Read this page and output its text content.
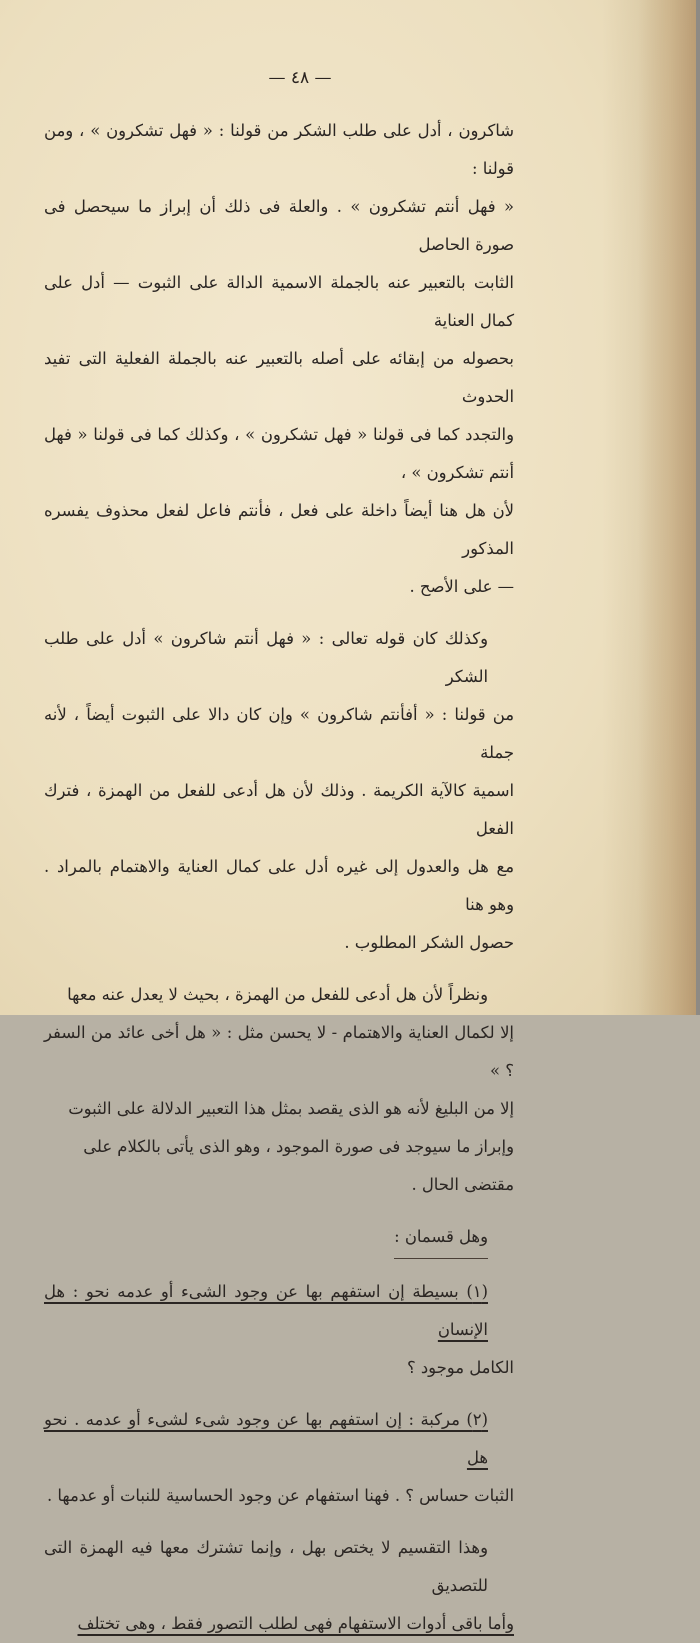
— ٤٨ —
شاكرون ، أدل على طلب الشكر من قولنا : « فهل تشكرون » ، ومن قولنا :
« فهل أنتم تشكرون » . والعلة فى ذلك أن إبراز ما سيحصل فى صورة الحاصل
الثابت بالتعبير عنه بالجملة الاسمية الدالة على الثبوت — أدل على كمال العناية
بحصوله من إبقائه على أصله بالتعبير عنه بالجملة الفعلية التى تفيد الحدوث
والتجدد كما فى قولنا « فهل تشكرون » ، وكذلك كما فى قولنا « فهل أنتم تشكرون » ،
لأن هل هنا أيضاً داخلة على فعل ، فأنتم فاعل لفعل محذوف يفسره المذكور
— على الأصح .
وكذلك كان قوله تعالى : « فهل أنتم شاكرون » أدل على طلب الشكر
من قولنا : « أفأنتم شاكرون » وإن كان دالا على الثبوت أيضاً ، لأنه جملة
اسمية كالآية الكريمة . وذلك لأن هل أدعى للفعل من الهمزة ، فترك الفعل
مع هل والعدول إلى غيره أدل على كمال العناية والاهتمام بالمراد . وهو هنا
حصول الشكر المطلوب .
ونظراً لأن هل أدعى للفعل من الهمزة ، بحيث لا يعدل عنه معها
إلا لكمال العناية والاهتمام - لا يحسن مثل : « هل أخى عائد من السفر ؟ »
إلا من البليغ لأنه هو الذى يقصد بمثل هذا التعبير الدلالة على الثبوت
وإبراز ما سيوجد فى صورة الموجود ، وهو الذى يأتى بالكلام على
مقتضى الحال .
وهل قسمان :
(١) بسيطة إن استفهم بها عن وجود الشىء أو عدمه نحو : هل الإنسان
الكامل موجود ؟
(٢) مركبة : إن استفهم بها عن وجود شىء لشىء أو عدمه . نحو هل
الثبات حساس ؟ . فهنا استفهام عن وجود الحساسية للنبات أو عدمها .
وهذا التقسيم لا يختص بهل ، وإنما تشترك معها فيه الهمزة التى للتصديق
وأما باقى أدوات الاستفهام فهى لطلب التصور فقط ، وهى تختلف
